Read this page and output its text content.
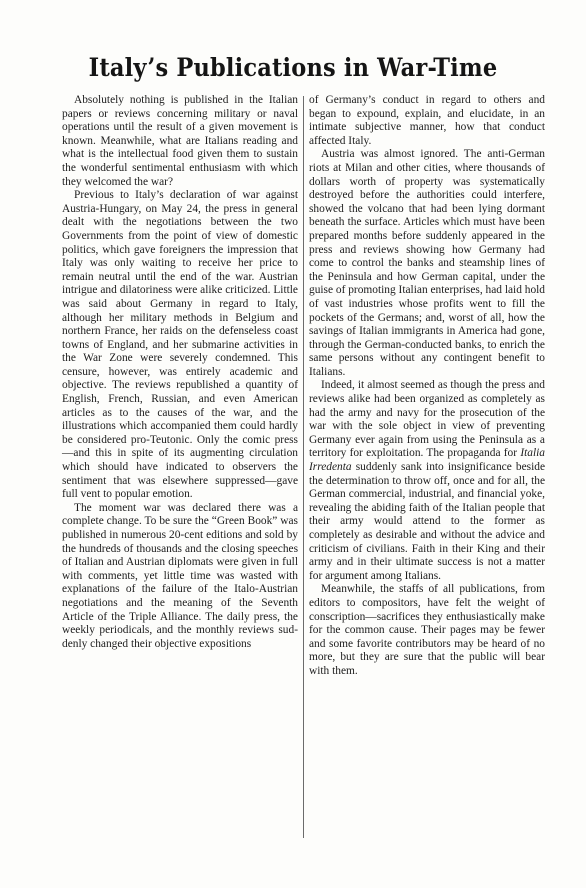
Italy’s Publications in War-Time

Absolutely nothing is published in the Italian papers or reviews concerning military or naval operations until the result of a given movement is known. Meanwhile, what are Italians reading and what is the intellectual food given them to sustain the wonderful sentimental enthusiasm with which they welcomed the war?

Previous to Italy’s declaration of war against Austria-Hungary, on May 24, the press in general dealt with the negotiations between the two Governments from the point of view of domestic politics, which gave foreigners the impression that Italy was only waiting to receive her price to remain neutral until the end of the war. Austrian intrigue and dilatoriness were alike criticized. Little was said about Germany in regard to Italy, although her military methods in Belgium and northern France, her raids on the defenseless coast towns of England, and her submarine activities in the War Zone were severely condemned. This censure, however, was entirely academic and objective. The reviews republished a quantity of English, French, Russian, and even American articles as to the causes of the war, and the illustrations which accompanied them could hardly be considered pro-Teutonic. Only the comic press—and this in spite of its augmenting circulation which should have indicated to observers the sentiment that was elsewhere suppressed—gave full vent to popular emotion.

The moment war was declared there was a complete change. To be sure the “Green Book” was published in numerous 20-cent editions and sold by the hundreds of thousands and the closing speeches of Italian and Austrian diplomats were given in full with comments, yet little time was wasted with explanations of the failure of the Italo-Austrian negotiations and the meaning of the Seventh Article of the Triple Alliance. The daily press, the weekly periodicals, and the monthly reviews suddenly changed their objective expositions

of Germany’s conduct in regard to others and began to expound, explain, and elucidate, in an intimate subjective manner, how that conduct affected Italy.

Austria was almost ignored. The anti-German riots at Milan and other cities, where thousands of dollars worth of property was systematically destroyed before the authorities could interfere, showed the volcano that had been lying dormant beneath the surface. Articles which must have been prepared months before suddenly appeared in the press and reviews showing how Germany had come to control the banks and steamship lines of the Peninsula and how German capital, under the guise of promoting Italian enterprises, had laid hold of vast industries whose profits went to fill the pockets of the Germans; and, worst of all, how the savings of Italian immigrants in America had gone, through the German-conducted banks, to enrich the same persons without any contingent benefit to Italians.

Indeed, it almost seemed as though the press and reviews alike had been organized as completely as had the army and navy for the prosecution of the war with the sole object in view of preventing Germany ever again from using the Peninsula as a territory for exploitation. The propaganda for Italia Irredenta suddenly sank into insignificance beside the determination to throw off, once and for all, the German commercial, industrial, and financial yoke, revealing the abiding faith of the Italian people that their army would attend to the former as completely as desirable and without the advice and criticism of civilians. Faith in their King and their army and in their ultimate success is not a matter for argument among Italians.

Meanwhile, the staffs of all publications, from editors to compositors, have felt the weight of conscription—sacrifices they enthusiastically make for the common cause. Their pages may be fewer and some favorite contributors may be heard of no more, but they are sure that the public will bear with them.
